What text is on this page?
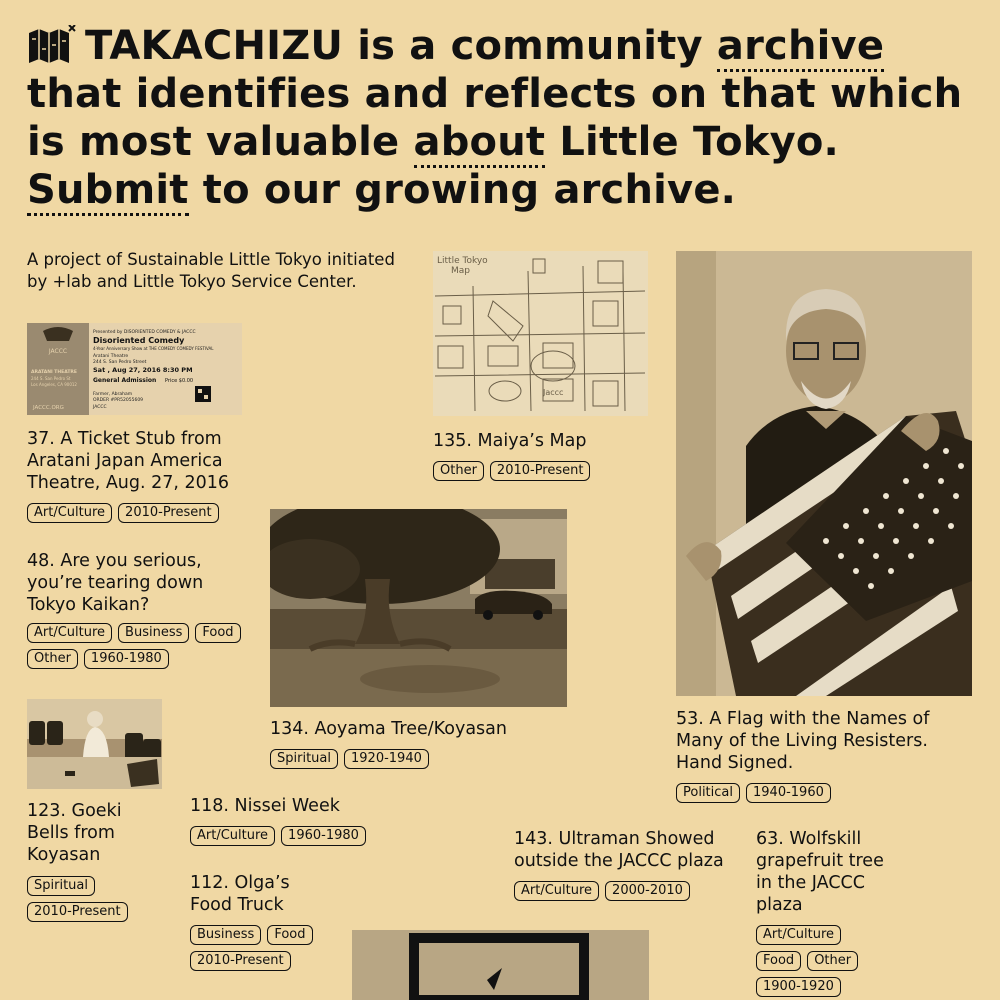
TAKACHIZU is a community archive that identifies and reflects on that which is most valuable about Little Tokyo. Submit to our growing archive.
A project of Sustainable Little Tokyo initiated by +lab and Little Tokyo Service Center.
JACCC
ARATANI THEATRE
244 S. San Pedro St
Los Angeles, CA 90012
JACCC.ORG
Presented by DISORIENTED COMEDY & JACCC
Disoriented Comedy
4-Year Anniversary Show at THE COMEDY COMEDY FESTIVAL
Aratani Theatre
244 S. San Pedro Street
Sat , Aug 27, 2016 8:30 PM
General Admission Price $0.00
Farmer, Abraham
ORDER #PR52055609
JACCC
37. A Ticket Stub from Aratani Japan America Theatre, Aug. 27, 2016
Art/Culture	2010-Present
48. Are you serious, you’re tearing down Tokyo Kaikan?
Art/Culture	Business	Food
Other	1960-1980
123. Goeki Bells from Koyasan
Spiritual
2010-Present
118. Nissei Week
Art/Culture	1960-1980
112. Olga’s Food Truck
Business	Food
2010-Present
Little Tokyo
Map
Jaccc
135. Maiya’s Map
Other	2010-Present
134. Aoyama Tree/Koyasan
Spiritual	1920-1940
143. Ultraman Showed outside the JACCC plaza
Art/Culture	2000-2010
53. A Flag with the Names of Many of the Living Resisters. Hand Signed.
Political	1940-1960
63. Wolfskill grapefruit tree in the JACCC plaza
Art/Culture
Food	Other
1900-1920
